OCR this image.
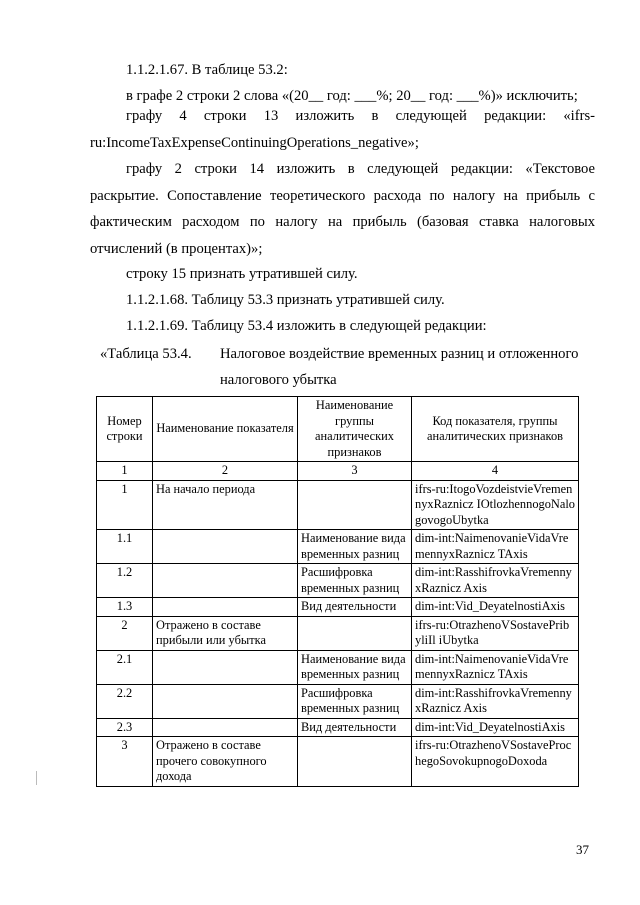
1.1.2.1.67. В таблице 53.2:
в графе 2 строки 2 слова «(20__ год: ___%; 20__ год: ___%)» исключить;
графу 4 строки 13 изложить в следующей редакции: «ifrs-ru:IncomeTaxExpenseContinuingOperations_negative»;
графу 2 строки 14 изложить в следующей редакции: «Текстовое раскрытие. Сопоставление теоретического расхода по налогу на прибыль с фактическим расходом по налогу на прибыль (базовая ставка налоговых отчислений (в процентах)»;
строку 15 признать утратившей силу.
1.1.2.1.68. Таблицу 53.3 признать утратившей силу.
1.1.2.1.69. Таблицу 53.4 изложить в следующей редакции:
«Таблица 53.4. Налоговое воздействие временных разниц и отложенного
налогового убытка
Номер строки	Наименование показателя	Наименование группы аналитических признаков	Код показателя, группы аналитических признаков
1	2	3	4
1	На начало периода		ifrs-ru:ItogoVozdeistvieVremennyxRaznicz IOtlozhennogoNalogovogoUbytka
1.1		Наименование вида временных разниц	dim-int:NaimenovanieVidaVremennyxRaznicz TAxis
1.2		Расшифровка временных разниц	dim-int:RasshifrovkaVremennyxRaznicz Axis
1.3		Вид деятельности	dim-int:Vid_DeyatelnostiAxis
2	Отражено в составе прибыли или убытка		ifrs-ru:OtrazhenoVSostavePribyliIl iUbytka
2.1		Наименование вида временных разниц	dim-int:NaimenovanieVidaVremennyxRaznicz TAxis
2.2		Расшифровка временных разниц	dim-int:RasshifrovkaVremennyxRaznicz Axis
2.3		Вид деятельности	dim-int:Vid_DeyatelnostiAxis
3	Отражено в составе прочего совокупного дохода		ifrs-ru:OtrazhenoVSostaveProchegoSovokupnogoDoxoda
37
